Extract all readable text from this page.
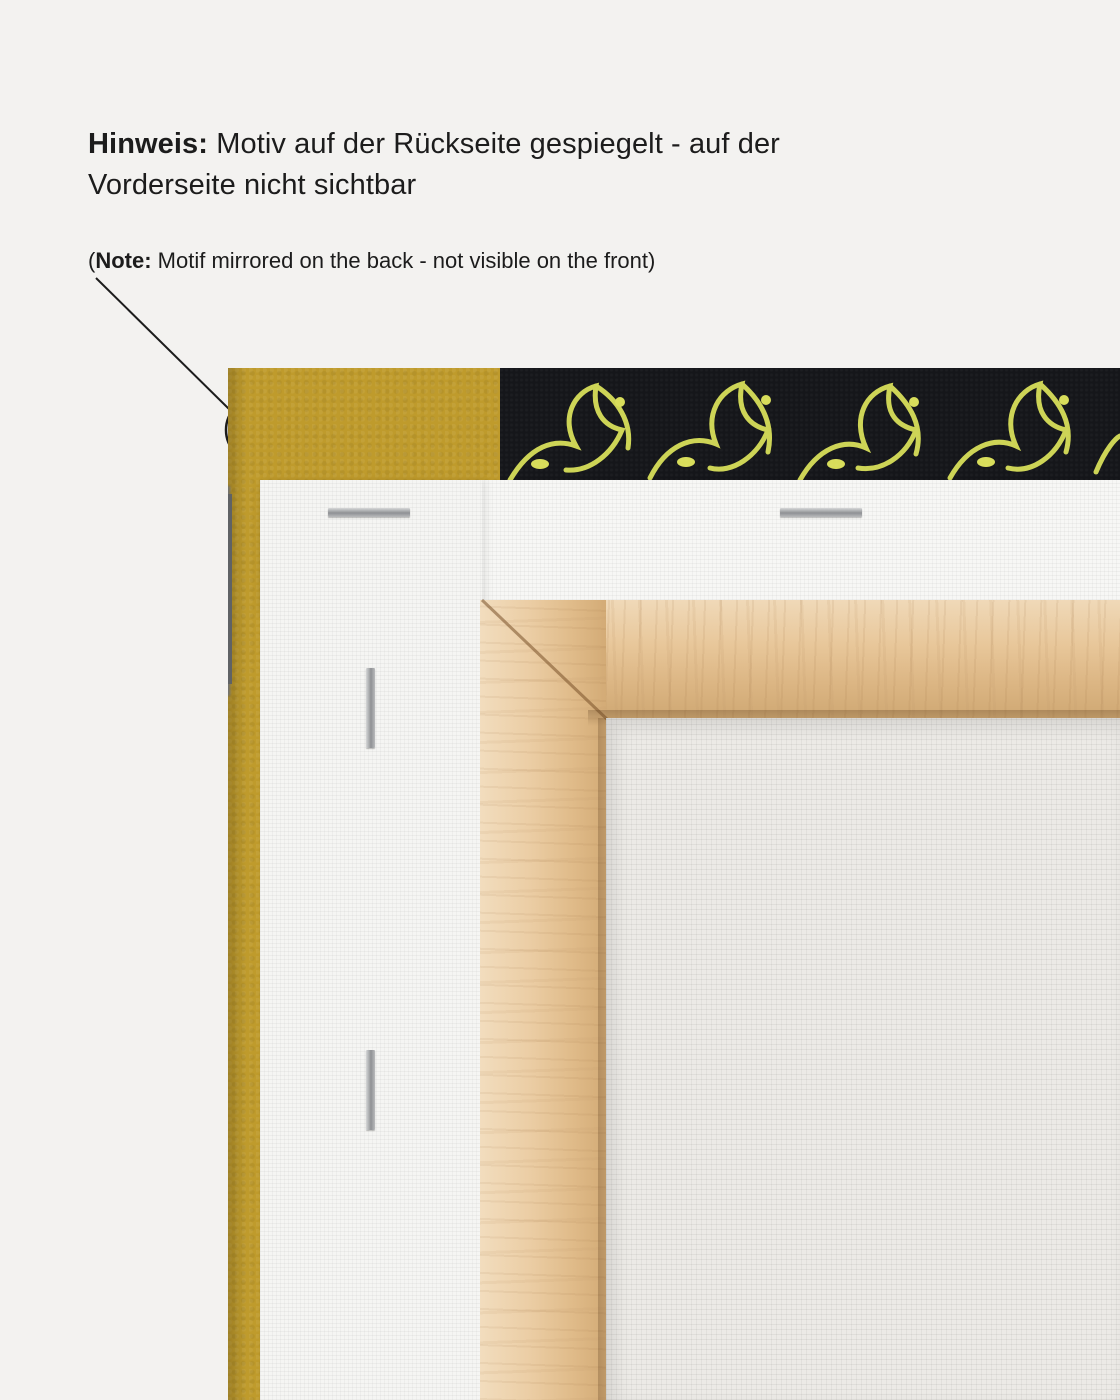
Hinweis: Motiv auf der Rückseite gespiegelt - auf der Vorderseite nicht sichtbar
(Note: Motif mirrored on the back - not visible on the front)
